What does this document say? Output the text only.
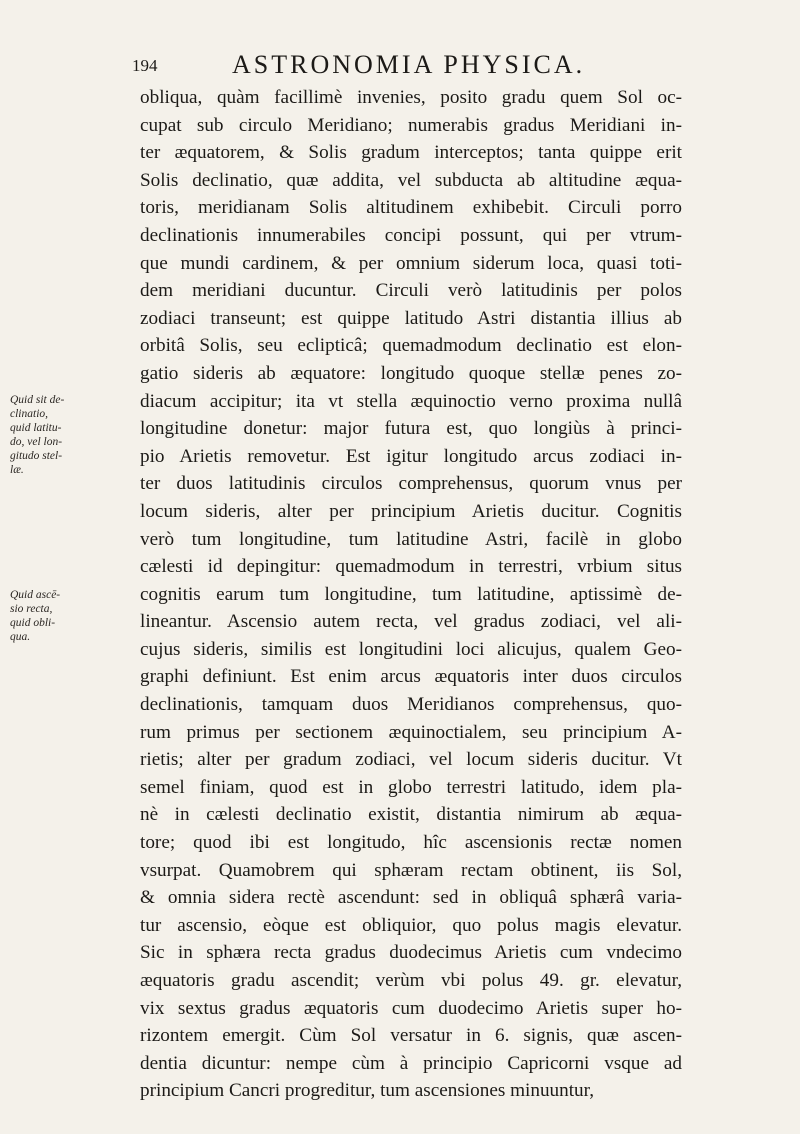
194	ASTRONOMIA PHYSICA.
Quid sit de-
clinatio,
quid latitu-
do, vel lon-
gitudo stel-
læ.
Quid ascē-
sio recta,
quid obli-
qua.
obliqua, quàm facillimè invenies, posito gradu quem Sol oc-
cupat sub circulo Meridiano; numerabis gradus Meridiani in-
ter æquatorem, & Solis gradum interceptos; tanta quippe erit
Solis declinatio, quæ addita, vel subducta ab altitudine æqua-
toris, meridianam Solis altitudinem exhibebit. Circuli porro
declinationis innumerabiles concipi possunt, qui per vtrum-
que mundi cardinem, & per omnium siderum loca, quasi toti-
dem meridiani ducuntur. Circuli verò latitudinis per polos
zodiaci transeunt; est quippe latitudo Astri distantia illius ab
orbitâ Solis, seu eclipticâ; quemadmodum declinatio est elon-
gatio sideris ab æquatore: longitudo quoque stellæ penes zo-
diacum accipitur; ita vt stella æquinoctio verno proxima nullâ
longitudine donetur: major futura est, quo longiùs à princi-
pio Arietis removetur. Est igitur longitudo arcus zodiaci in-
ter duos latitudinis circulos comprehensus, quorum vnus per
locum sideris, alter per principium Arietis ducitur. Cognitis
verò tum longitudine, tum latitudine Astri, facilè in globo
cælesti id depingitur: quemadmodum in terrestri, vrbium situs
cognitis earum tum longitudine, tum latitudine, aptissimè de-
lineantur. Ascensio autem recta, vel gradus zodiaci, vel ali-
cujus sideris, similis est longitudini loci alicujus, qualem Geo-
graphi definiunt. Est enim arcus æquatoris inter duos circulos
declinationis, tamquam duos Meridianos comprehensus, quo-
rum primus per sectionem æquinoctialem, seu principium A-
rietis; alter per gradum zodiaci, vel locum sideris ducitur. Vt
semel finiam, quod est in globo terrestri latitudo, idem pla-
nè in cælesti declinatio existit, distantia nimirum ab æqua-
tore; quod ibi est longitudo, hîc ascensionis rectæ nomen
vsurpat. Quamobrem qui sphæram rectam obtinent, iis Sol,
& omnia sidera rectè ascendunt: sed in obliquâ sphærâ varia-
tur ascensio, eòque est obliquior, quo polus magis elevatur.
Sic in sphæra recta gradus duodecimus Arietis cum vndecimo
æquatoris gradu ascendit; verùm vbi polus 49. gr. elevatur,
vix sextus gradus æquatoris cum duodecimo Arietis super ho-
rizontem emergit. Cùm Sol versatur in 6. signis, quæ ascen-
dentia dicuntur: nempe cùm à principio Capricorni vsque ad
principium Cancri progreditur, tum ascensiones minuuntur,
